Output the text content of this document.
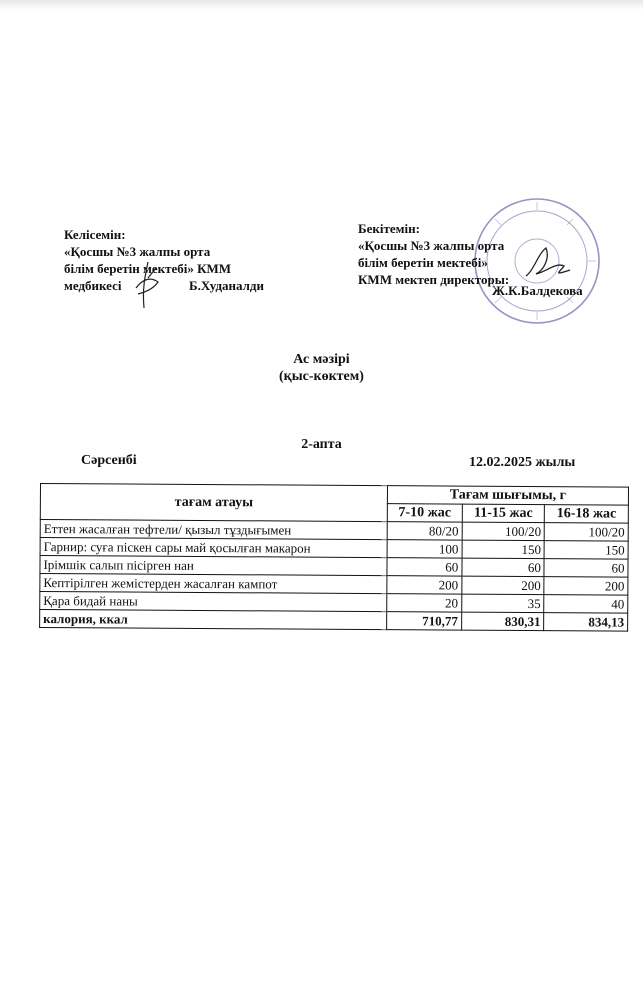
Келісемін:
«Қосшы №3 жалпы орта
білім беретін мектебі» КММ
медбикесі	Б.Худаналди
Бекітемін:
«Қосшы №3 жалпы орта
білім беретін мектебі»
КММ мектеп директоры:
Ж.К.Балдекова
Ас мәзірі
(қыс-көктем)
2-апта
Сәрсенбі	12.02.2025 жылы
тағам атауы	Тағам шығымы, г		
	7-10 жас	11-15 жас	16-18 жас
Еттен жасалған тефтели/ қызыл тұздығымен	80/20	100/20	100/20
Гарнир: суға піскен сары май қосылған макарон	100	150	150
Ірімшік салып пісірген нан	60	60	60
Кептірілген жемістерден жасалған кампот	200	200	200
Қара бидай наны	20	35	40
калория, ккал	710,77	830,31	834,13
